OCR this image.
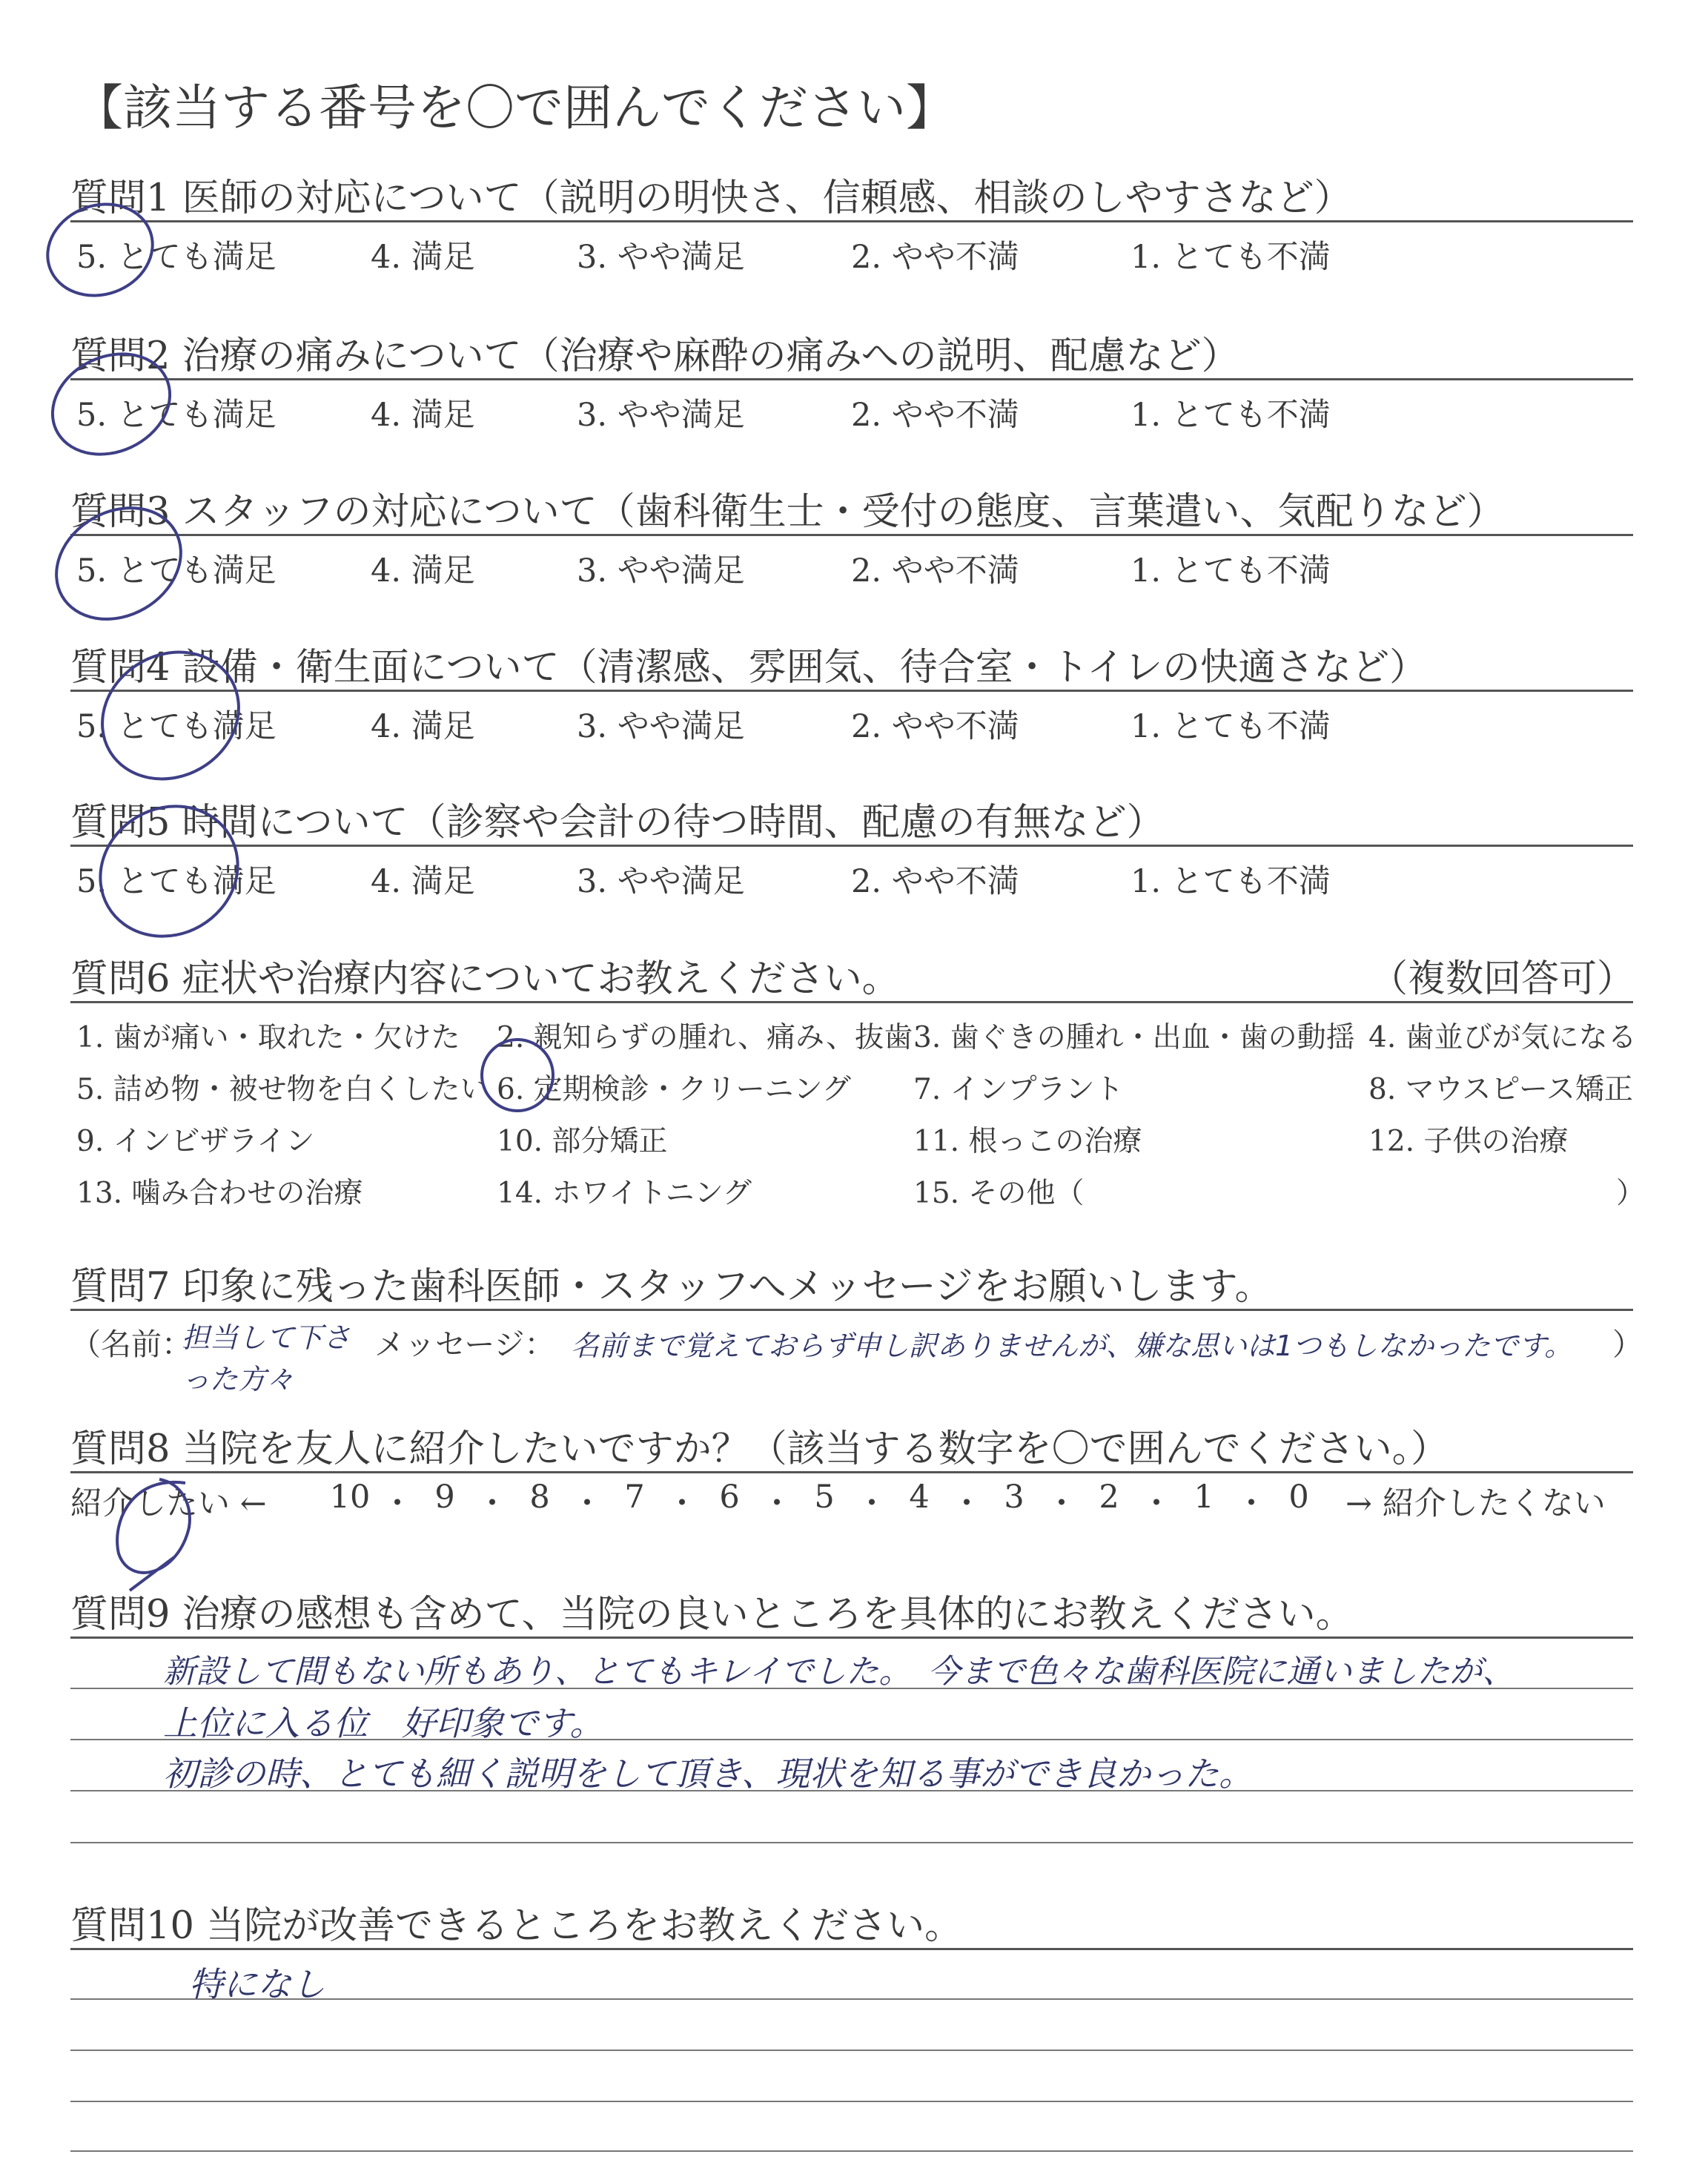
【該当する番号を〇で囲んでください】
質問1 医師の対応について（説明の明快さ、信頼感、相談のしやすさなど）
5. とても満足	4. 満足	3. やや満足	2. やや不満	1. とても不満
質問2 治療の痛みについて（治療や麻酔の痛みへの説明、配慮など）
5. とても満足	4. 満足	3. やや満足	2. やや不満	1. とても不満
質問3 スタッフの対応について（歯科衛生士・受付の態度、言葉遣い、気配りなど）
5. とても満足	4. 満足	3. やや満足	2. やや不満	1. とても不満
質問4 設備・衛生面について（清潔感、雰囲気、待合室・トイレの快適さなど）
5. とても満足	4. 満足	3. やや満足	2. やや不満	1. とても不満
質問5 時間について（診察や会計の待つ時間、配慮の有無など）
5. とても満足	4. 満足	3. やや満足	2. やや不満	1. とても不満
質問6 症状や治療内容についてお教えください。	（複数回答可）
1. 歯が痛い・取れた・欠けた 2. 親知らずの腫れ、痛み、抜歯 3. 歯ぐきの腫れ・出血・歯の動揺 4. 歯並びが気になる
5. 詰め物・被せ物を白くしたい 6. 定期検診・クリーニング 7. インプラント	8. マウスピース矯正
9. インビザライン	10. 部分矯正	11. 根っこの治療	12. 子供の治療
13. 噛み合わせの治療	14. ホワイトニング	15. その他（	）
質問7 印象に残った歯科医師・スタッフへメッセージをお願いします。
（名前：
担当して下さった方々
メッセージ： 名前まで覚えておらず申し訳ありませんが、嫌な思いは1つもしなかったです。 ）
質問8 当院を友人に紹介したいですか？（該当する数字を〇で囲んでください。）
紹介したい ← 10 ・ 9 ・ 8 ・ 7 ・ 6 ・ 5 ・ 4 ・ 3 ・ 2 ・ 1 ・ 0	→ 紹介したくない
質問9 治療の感想も含めて、当院の良いところを具体的にお教えください。
新設して間もない所もあり、とてもキレイでした。　今まで色々な歯科医院に通いましたが、
上位に入る位　好印象です。
初診の時、とても細く説明をして頂き、現状を知る事ができ良かった。
質問10 当院が改善できるところをお教えください。
特になし
